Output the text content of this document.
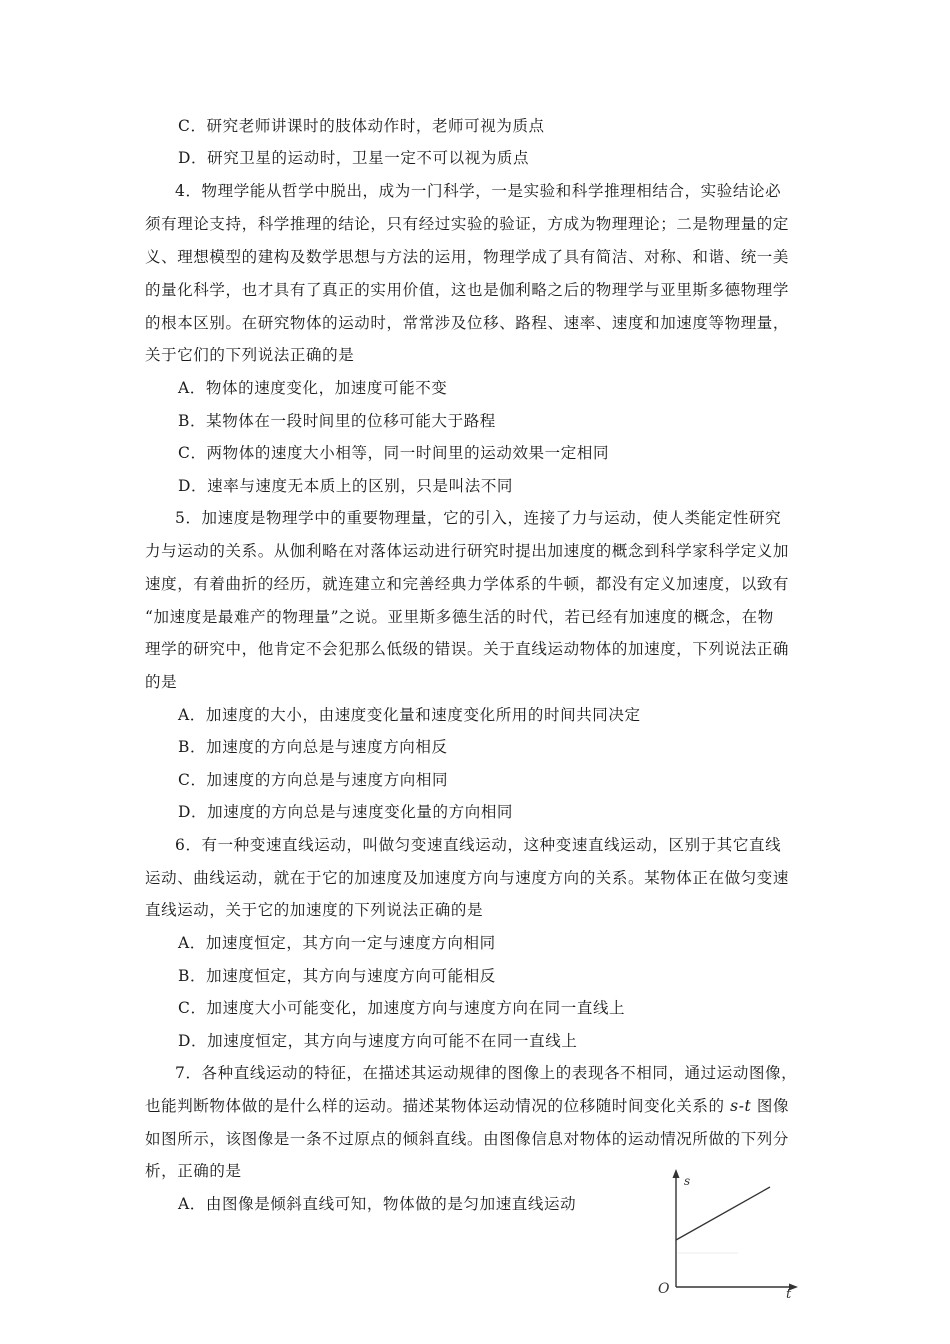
C．研究老师讲课时的肢体动作时，老师可视为质点
D．研究卫星的运动时，卫星一定不可以视为质点
4．物理学能从哲学中脱出，成为一门科学，一是实验和科学推理相结合，实验结论必
须有理论支持，科学推理的结论，只有经过实验的验证，方成为物理理论；二是物理量的定
义、理想模型的建构及数学思想与方法的运用，物理学成了具有简洁、对称、和谐、统一美
的量化科学，也才具有了真正的实用价值，这也是伽利略之后的物理学与亚里斯多德物理学
的根本区别。在研究物体的运动时，常常涉及位移、路程、速率、速度和加速度等物理量，
关于它们的下列说法正确的是
A．物体的速度变化，加速度可能不变
B．某物体在一段时间里的位移可能大于路程
C．两物体的速度大小相等，同一时间里的运动效果一定相同
D．速率与速度无本质上的区别，只是叫法不同
5．加速度是物理学中的重要物理量，它的引入，连接了力与运动，使人类能定性研究
力与运动的关系。从伽利略在对落体运动进行研究时提出加速度的概念到科学家科学定义加
速度，有着曲折的经历，就连建立和完善经典力学体系的牛顿，都没有定义加速度，以致有
“加速度是最难产的物理量”之说。亚里斯多德生活的时代，若已经有加速度的概念，在物
理学的研究中，他肯定不会犯那么低级的错误。关于直线运动物体的加速度，下列说法正确
的是
A．加速度的大小，由速度变化量和速度变化所用的时间共同决定
B．加速度的方向总是与速度方向相反
C．加速度的方向总是与速度方向相同
D．加速度的方向总是与速度变化量的方向相同
6．有一种变速直线运动，叫做匀变速直线运动，这种变速直线运动，区别于其它直线
运动、曲线运动，就在于它的加速度及加速度方向与速度方向的关系。某物体正在做匀变速
直线运动，关于它的加速度的下列说法正确的是
A．加速度恒定，其方向一定与速度方向相同
B．加速度恒定，其方向与速度方向可能相反
C．加速度大小可能变化，加速度方向与速度方向在同一直线上
D．加速度恒定，其方向与速度方向可能不在同一直线上
7．各种直线运动的特征，在描述其运动规律的图像上的表现各不相同，通过运动图像，
也能判断物体做的是什么样的运动。描述某物体运动情况的位移随时间变化关系的 s-t 图像
如图所示，该图像是一条不过原点的倾斜直线。由图像信息对物体的运动情况所做的下列分
析，正确的是
A．由图像是倾斜直线可知，物体做的是匀加速直线运动
s
t
O
